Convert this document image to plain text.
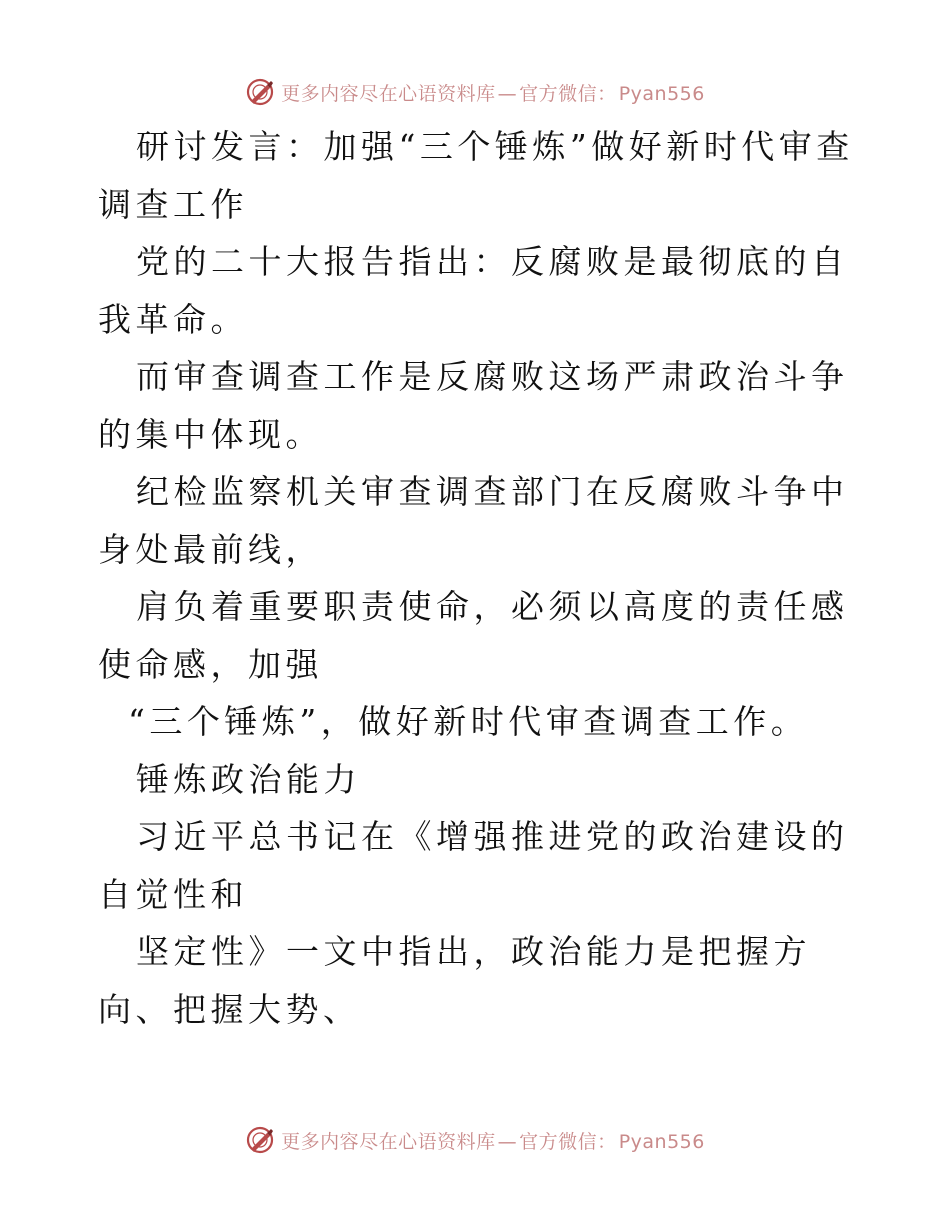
更多内容尽在心语资料库 — 官方微信： Pyan556

研讨发言：加强“三个锤炼”做好新时代审查调查工作

党的二十大报告指出：反腐败是最彻底的自我革命。

而审查调查工作是反腐败这场严肃政治斗争的集中体现。

纪检监察机关审查调查部门在反腐败斗争中身处最前线，

肩负着重要职责使命，必须以高度的责任感使命感，加强

“三个锤炼”，做好新时代审查调查工作。

锤炼政治能力

习近平总书记在《增强推进党的政治建设的自觉性和

坚定性》一文中指出，政治能力是把握方向、把握大势、

更多内容尽在心语资料库 — 官方微信： Pyan556
